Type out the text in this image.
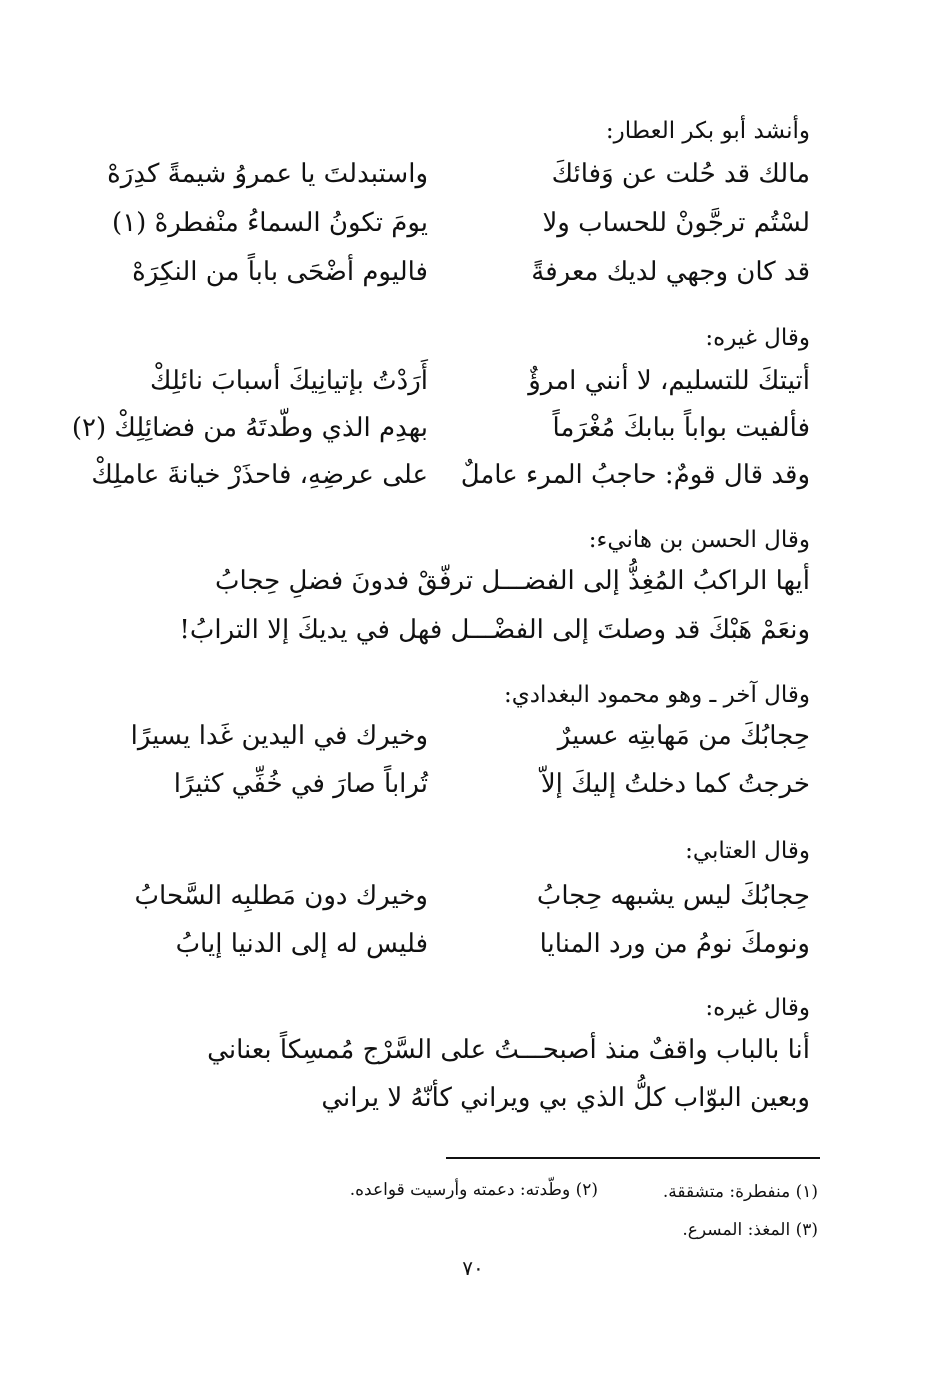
وأنشد أبو بكر العطار:
مالك قد حُلت عن وَفائكَ
واستبدلتَ يا عمروُ شيمةً كدِرَهْ
لسْتُم ترجَّونْ للحساب ولا
يومَ تكونُ السماءُ منْفطرهْ (١)
قد كان وجهي لديك معرفةً
فاليوم أضْحَى باباً من النكِرَهْ
وقال غيره:
أتيتكَ للتسليم، لا أنني امرؤٌ
أَرَدْتُ بإتيانِيكَ أسبابَ نائلِكْ
فألفيت بواباً ببابكَ مُغْرَماً
بهدِم الذي وطّدتَهُ من فضائِلِكْ (٢)
وقد قال قومٌ: حاجبُ المرء عاملٌ
على عرضِهِ، فاحذَرْ خيانةَ عاملِكْ
وقال الحسن بن هانيء:
أيها الراكبُ المُغِذُّ إلى الفضـــل ترفّقْ فدونَ فضلِ حِجابُ
ونعَمْ هَبْكَ قد وصلتَ إلى الفضْـــل فهل في يديكَ إلا الترابُ!
وقال آخر ـ وهو محمود البغدادي:
حِجابُكَ من مَهابتِه عسيرٌ
وخيرك في اليدين غَدا يسيرًا
خرجتُ كما دخلتُ إليكَ إلاّ
تُراباً صارَ في خُفِّي كثيرًا
وقال العتابي:
حِجابُكَ ليس يشبهه حِجابُ
وخيرك دون مَطلبِه السَّحابُ
ونومكَ نومُ من ورد المنايا
فليس له إلى الدنيا إيابُ
وقال غيره:
أنا بالباب واقفٌ منذ أصبحـــتُ على السَّرْج مُمسِكاً بعناني
وبعين البوّاب كلُّ الذي بي ويراني كأنّهُ لا يراني
(١) منفطرة: متشققة.
(٢) وطّدته: دعمته وأرسيت قواعده.
(٣) المغذ: المسرع.
٧٠
